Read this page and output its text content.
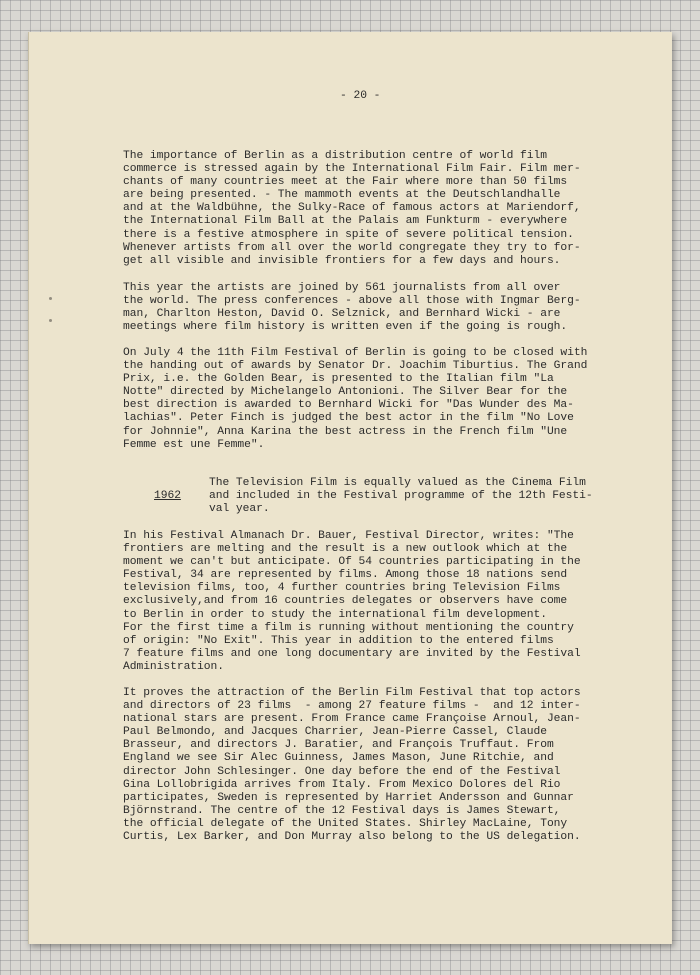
- 20 -

The importance of Berlin as a distribution centre of world film
commerce is stressed again by the International Film Fair. Film mer-
chants of many countries meet at the Fair where more than 50 films
are being presented. - The mammoth events at the Deutschlandhalle
and at the Waldbühne, the Sulky-Race of famous actors at Mariendorf,
the International Film Ball at the Palais am Funkturm - everywhere
there is a festive atmosphere in spite of severe political tension.
Whenever artists from all over the world congregate they try to for-
get all visible and invisible frontiers for a few days and hours.

This year the artists are joined by 561 journalists from all over
the world. The press conferences - above all those with Ingmar Berg-
man, Charlton Heston, David O. Selznick, and Bernhard Wicki - are
meetings where film history is written even if the going is rough.

On July 4 the 11th Film Festival of Berlin is going to be closed with
the handing out of awards by Senator Dr. Joachim Tiburtius. The Grand
Prix, i.e. the Golden Bear, is presented to the Italian film "La
Notte" directed by Michelangelo Antonioni. The Silver Bear for the
best direction is awarded to Bernhard Wicki for "Das Wunder des Ma-
lachias". Peter Finch is judged the best actor in the film "No Love
for Johnnie", Anna Karina the best actress in the French film "Une
Femme est une Femme".

1962

The Television Film is equally valued as the Cinema Film
and included in the Festival programme of the 12th Festi-
val year.

In his Festival Almanach Dr. Bauer, Festival Director, writes: "The
frontiers are melting and the result is a new outlook which at the
moment we can't but anticipate. Of 54 countries participating in the
Festival, 34 are represented by films. Among those 18 nations send
television films, too, 4 further countries bring Television Films
exclusively,and from 16 countries delegates or observers have come
to Berlin in order to study the international film development.
For the first time a film is running without mentioning the country
of origin: "No Exit". This year in addition to the entered films
7 feature films and one long documentary are invited by the Festival
Administration.

It proves the attraction of the Berlin Film Festival that top actors
and directors of 23 films  - among 27 feature films -  and 12 inter-
national stars are present. From France came Françoise Arnoul, Jean-
Paul Belmondo, and Jacques Charrier, Jean-Pierre Cassel, Claude
Brasseur, and directors J. Baratier, and François Truffaut. From
England we see Sir Alec Guinness, James Mason, June Ritchie, and
director John Schlesinger. One day before the end of the Festival
Gina Lollobrigida arrives from Italy. From Mexico Dolores del Rio
participates, Sweden is represented by Harriet Andersson and Gunnar
Björnstrand. The centre of the 12 Festival days is James Stewart,
the official delegate of the United States. Shirley MacLaine, Tony
Curtis, Lex Barker, and Don Murray also belong to the US delegation.
